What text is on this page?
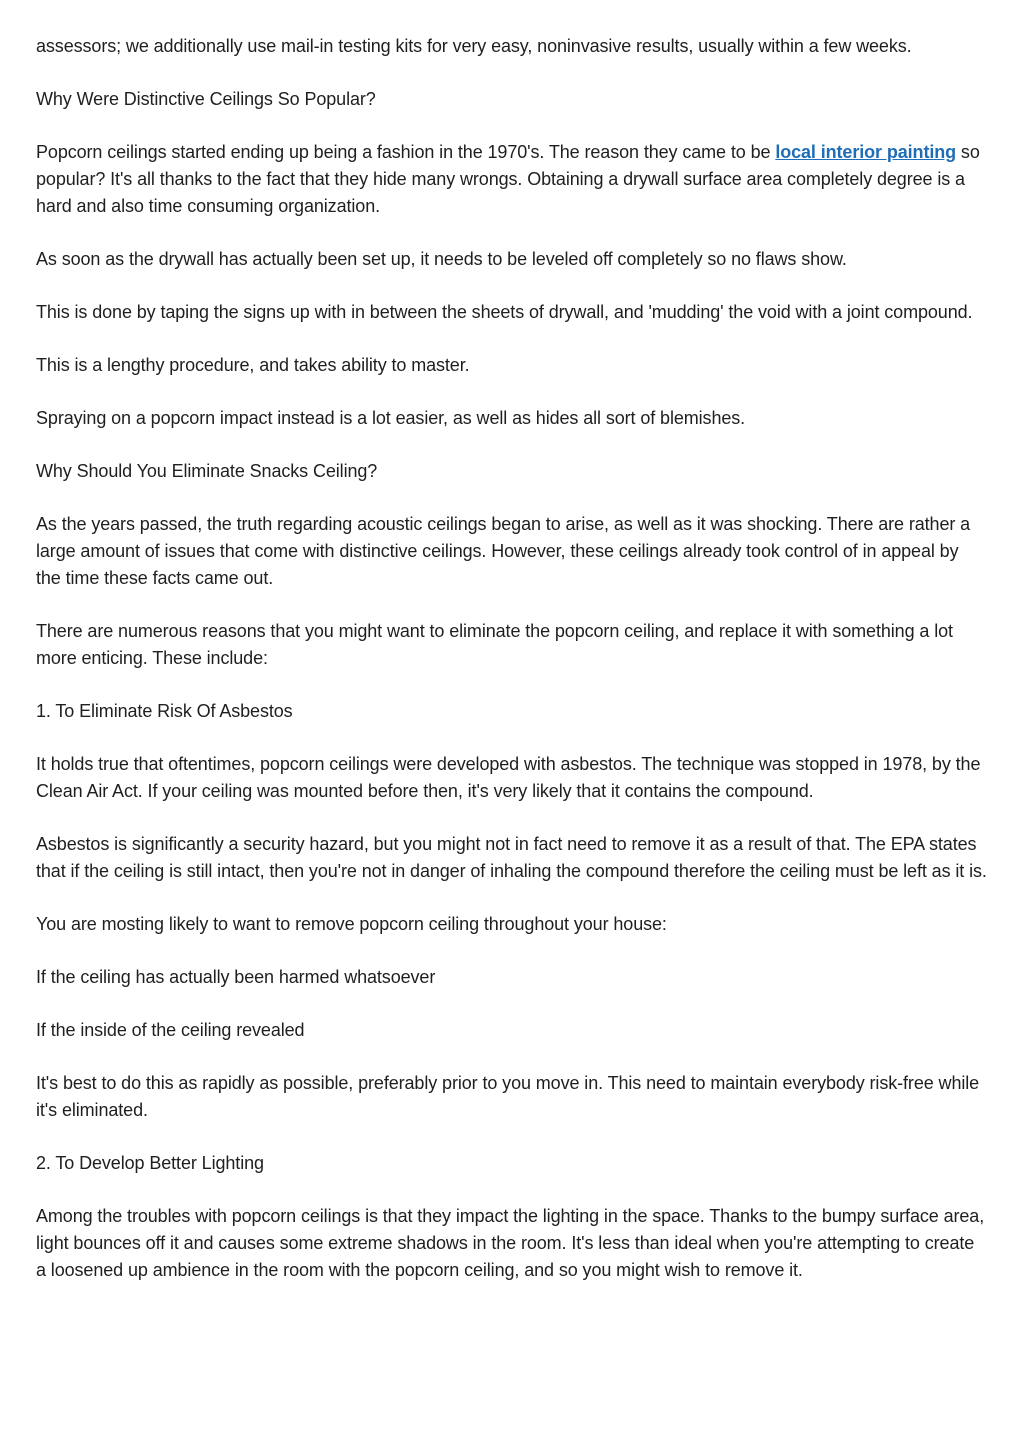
assessors; we additionally use mail-in testing kits for very easy, noninvasive results, usually within a few weeks.

Why Were Distinctive Ceilings So Popular?

Popcorn ceilings started ending up being a fashion in the 1970's. The reason they came to be local interior painting so popular? It's all thanks to the fact that they hide many wrongs. Obtaining a drywall surface area completely degree is a hard and also time consuming organization.

As soon as the drywall has actually been set up, it needs to be leveled off completely so no flaws show.

This is done by taping the signs up with in between the sheets of drywall, and 'mudding' the void with a joint compound.

This is a lengthy procedure, and takes ability to master.

Spraying on a popcorn impact instead is a lot easier, as well as hides all sort of blemishes.

Why Should You Eliminate Snacks Ceiling?

As the years passed, the truth regarding acoustic ceilings began to arise, as well as it was shocking. There are rather a large amount of issues that come with distinctive ceilings. However, these ceilings already took control of in appeal by the time these facts came out.

There are numerous reasons that you might want to eliminate the popcorn ceiling, and replace it with something a lot more enticing. These include:

1. To Eliminate Risk Of Asbestos

It holds true that oftentimes, popcorn ceilings were developed with asbestos. The technique was stopped in 1978, by the Clean Air Act. If your ceiling was mounted before then, it's very likely that it contains the compound.

Asbestos is significantly a security hazard, but you might not in fact need to remove it as a result of that. The EPA states that if the ceiling is still intact, then you're not in danger of inhaling the compound therefore the ceiling must be left as it is.

You are mosting likely to want to remove popcorn ceiling throughout your house:

If the ceiling has actually been harmed whatsoever

If the inside of the ceiling revealed

It's best to do this as rapidly as possible, preferably prior to you move in. This need to maintain everybody risk-free while it's eliminated.

2. To Develop Better Lighting

Among the troubles with popcorn ceilings is that they impact the lighting in the space. Thanks to the bumpy surface area, light bounces off it and causes some extreme shadows in the room. It's less than ideal when you're attempting to create a loosened up ambience in the room with the popcorn ceiling, and so you might wish to remove it.
